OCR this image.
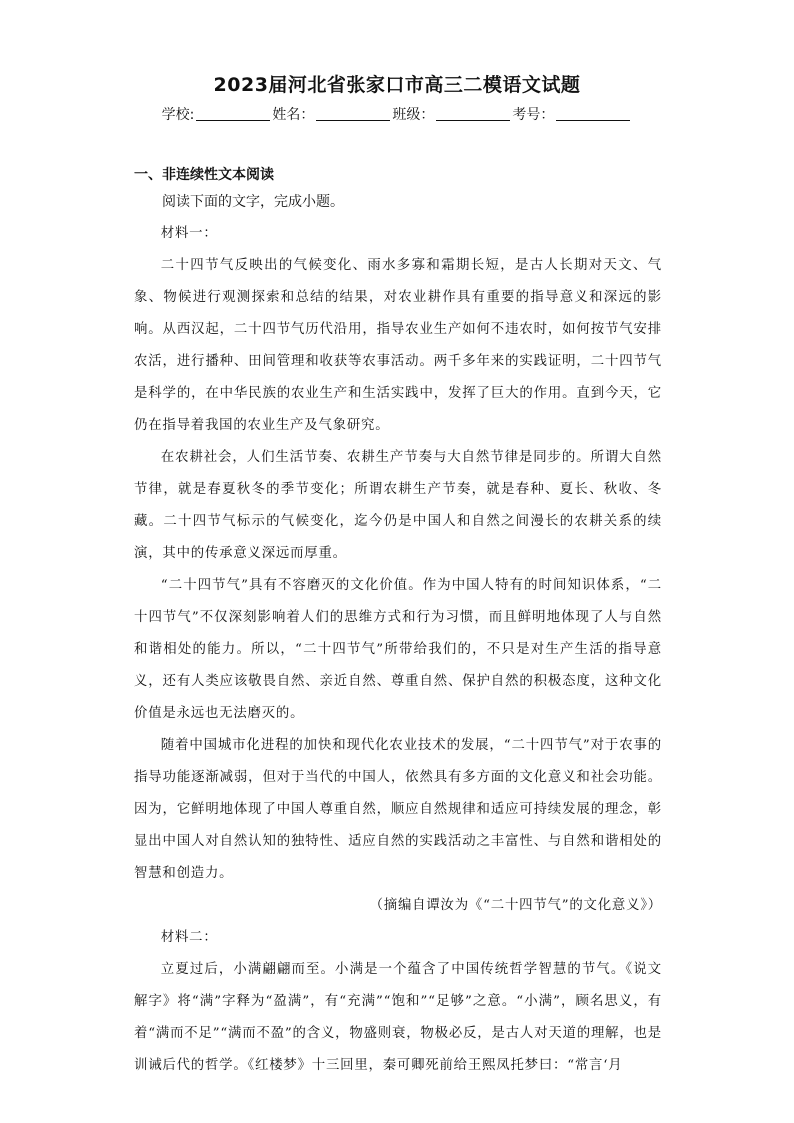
2023届河北省张家口市高三二模语文试题
学校:	姓名：	班级：	考号：
一、非连续性文本阅读
阅读下面的文字，完成小题。

材料一：

二十四节气反映出的气候变化、雨水多寡和霜期长短，是古人长期对天文、气象、物候进行观测探索和总结的结果，对农业耕作具有重要的指导意义和深远的影响。从西汉起，二十四节气历代沿用，指导农业生产如何不违农时，如何按节气安排农活，进行播种、田间管理和收获等农事活动。两千多年来的实践证明，二十四节气是科学的，在中华民族的农业生产和生活实践中，发挥了巨大的作用。直到今天，它仍在指导着我国的农业生产及气象研究。

在农耕社会，人们生活节奏、农耕生产节奏与大自然节律是同步的。所谓大自然节律，就是春夏秋冬的季节变化；所谓农耕生产节奏，就是春种、夏长、秋收、冬藏。二十四节气标示的气候变化，迄今仍是中国人和自然之间漫长的农耕关系的续演，其中的传承意义深远而厚重。

“二十四节气”具有不容磨灭的文化价值。作为中国人特有的时间知识体系，“二十四节气”不仅深刻影响着人们的思维方式和行为习惯，而且鲜明地体现了人与自然和谐相处的能力。所以，“二十四节气”所带给我们的，不只是对生产生活的指导意义，还有人类应该敬畏自然、亲近自然、尊重自然、保护自然的积极态度，这种文化价值是永远也无法磨灭的。

随着中国城市化进程的加快和现代化农业技术的发展，“二十四节气”对于农事的指导功能逐渐减弱，但对于当代的中国人，依然具有多方面的文化意义和社会功能。因为，它鲜明地体现了中国人尊重自然，顺应自然规律和适应可持续发展的理念，彰显出中国人对自然认知的独特性、适应自然的实践活动之丰富性、与自然和谐相处的智慧和创造力。

（摘编自谭汝为《“二十四节气”的文化意义》）

材料二：

立夏过后，小满翩翩而至。小满是一个蕴含了中国传统哲学智慧的节气。《说文解字》将“满”字释为“盈满”，有“充满”“饱和”“足够”之意。“小满”，顾名思义，有着“满而不足”“满而不盈”的含义，物盛则衰，物极必反，是古人对天道的理解，也是训诫后代的哲学。《红楼梦》十三回里，秦可卿死前给王熙凤托梦曰：“常言‘月
